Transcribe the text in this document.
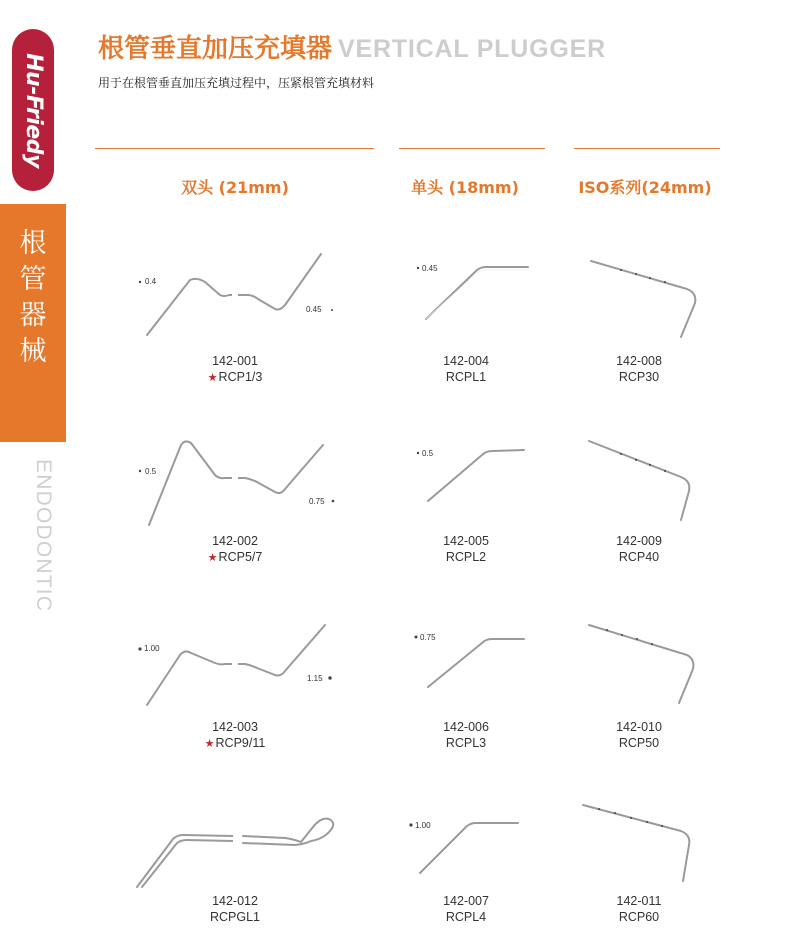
Hu-Friedy
根管器械
ENDODONTIC
根管垂直加压充填器 VERTICAL PLUGGER
用于在根管垂直加压充填过程中，压紧根管充填材料
双头 (21mm)	单头 (18mm)	ISO系列(24mm)
0.4
0.45
142-001
★RCP1/3
0.5
0.75
142-002
★RCP5/7
1.00
1.15
142-003
★RCP9/11
142-012
RCPGL1
0.45
142-004
RCPL1
0.5
142-005
RCPL2
0.75
142-006
RCPL3
1.00
142-007
RCPL4
142-008
RCP30
142-009
RCP40
142-010
RCP50
142-011
RCP60
